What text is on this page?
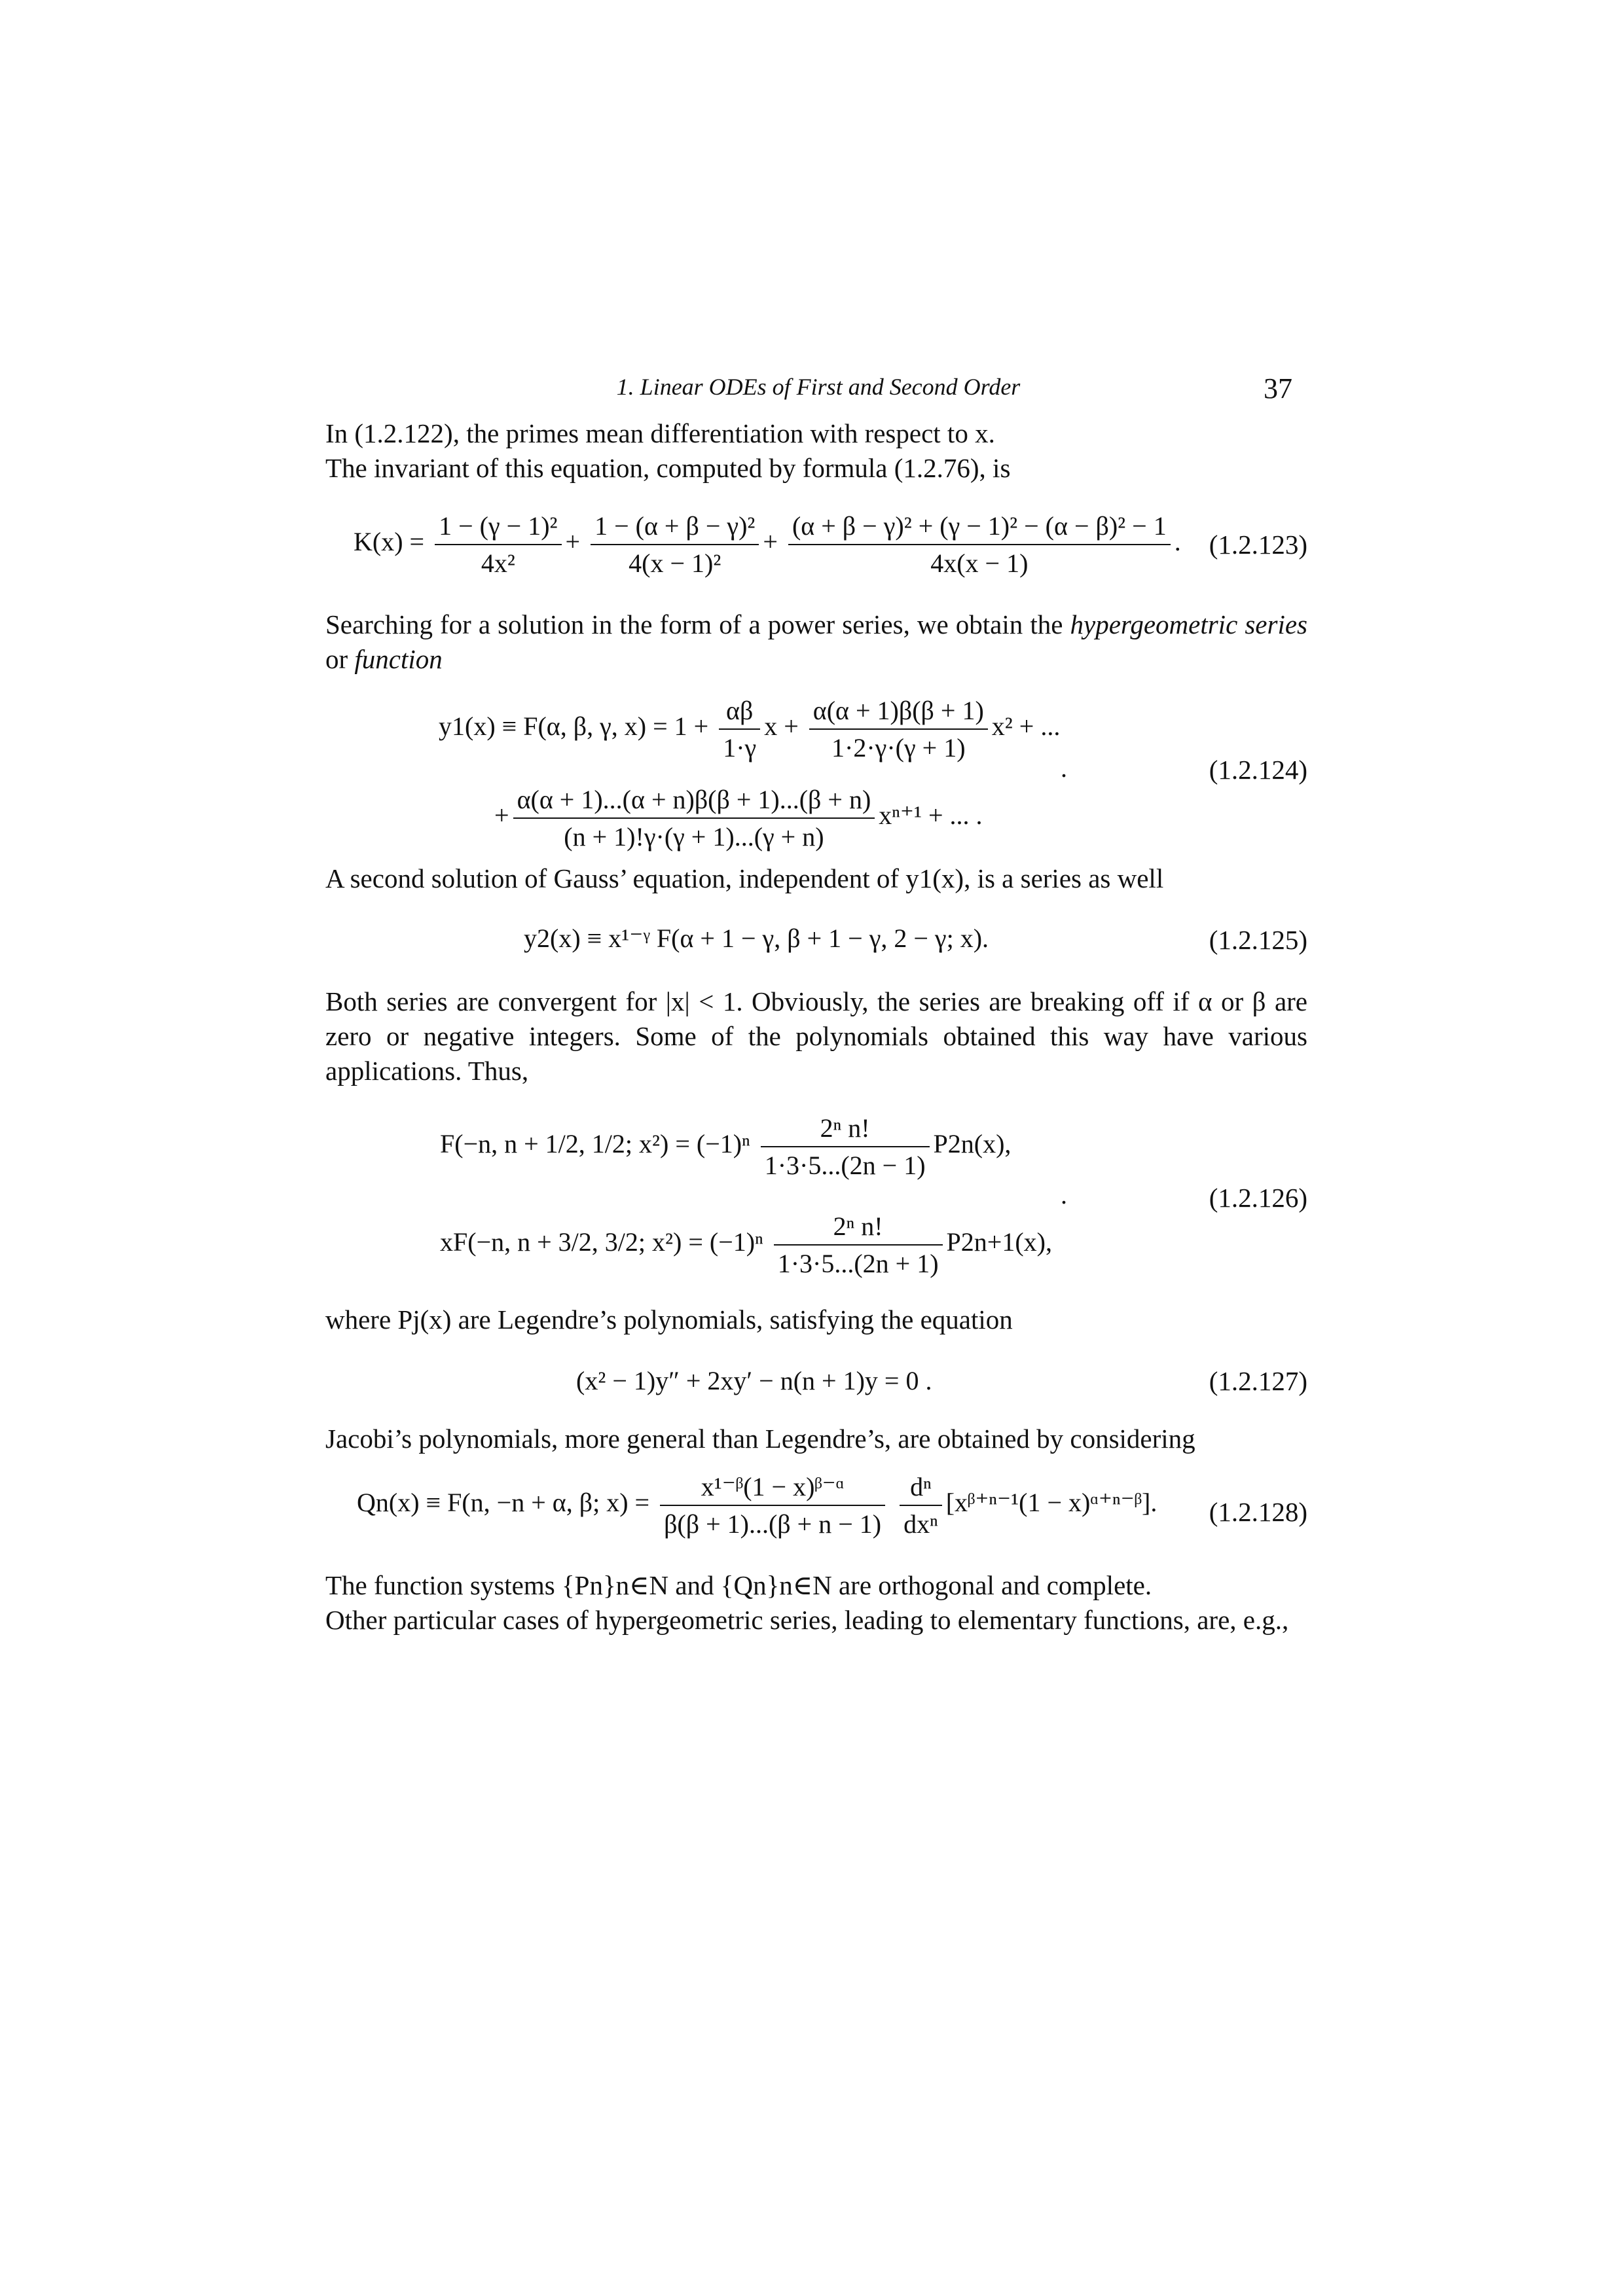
1. Linear ODEs of First and Second Order	37

In (1.2.122), the primes mean differentiation with respect to x.

The invariant of this equation, computed by formula (1.2.76), is

$K(x) = \frac{\text{1 − (γ − 1)²}}{\text{4x²}} + \frac{\text{1 − (α + β − γ)²}}{\text{4(x − 1)²}} + \frac{\text{(α + β − γ)² + (γ − 1)² − (α − β)² − 1}}{4x(x - 1)}$ . (1.2.123)

Searching for a solution in the form of a power series, we obtain the hypergeometric series or function

y1(x) ≡ F(α, β, γ, $x) = 1 + \frac{\alpha\beta}{1\cdot\gamma}$ $x + \frac{\alpha(\alpha + 1)\beta(\beta + 1)}{1\cdot 2\cdot\gamma\cdot(\gamma + 1)} x^2$ + ...
+ $\frac{\alpha(\alpha + 1)...(\alpha + n)\beta(\beta + 1)...(\beta + n)}{(n + 1)!\gamma\cdot(\gamma + 1)...(\gamma + n)} x^{n+1}$ + ... .
.	(1.2.124)

A second solution of Gauss’ equation, independent of y1(x), is a series as well

y2(x) ≡ x¹⁻ᵞ F(α + 1 − γ, β + 1 − γ, 2 − γ; x).	(1.2.125)

Both series are convergent for |x| < 1. Obviously, the series are breaking off if α or β are zero or negative integers. Some of the polynomials obtained this way have various applications. Thus,

F(−n, n + 1/2, 1/2; $x^2) = (-1)^n \frac{\text{2ⁿ n!}}{1\cdot 3\cdot 5...(2n - 1)} P2n(x)$,
xF(−n, n + 3/2, 3/2; $x^2) = (-1)^n \frac{\text{2ⁿ n!}}{1\cdot 3\cdot 5...(2n + 1)} P2n+1(x)$,
.	(1.2.126)

where Pj(x) are Legendre’s polynomials, satisfying the equation

(x² − 1)y″ + 2xy′ − n(n + 1)y = 0 .	(1.2.127)

Jacobi’s polynomials, more general than Legendre’s, are obtained by considering

Qn(x) ≡ F(n, −n + α, β; $x) = \frac{\text{x¹⁻ᵝ(1 − x)ᵝ⁻ᵅ}}{\beta(\beta + 1)...(\beta + n - 1)}$
$\frac{\text{dⁿ}}{\text{dxⁿ}}$ [xᵝ⁺ⁿ⁻¹(1 − x)ᵅ⁺ⁿ⁻ᵝ]. (1.2.128)

The function systems {Pn}n∈N and {Qn}n∈N are orthogonal and complete.

Other particular cases of hypergeometric series, leading to elementary functions, are, e.g.,
